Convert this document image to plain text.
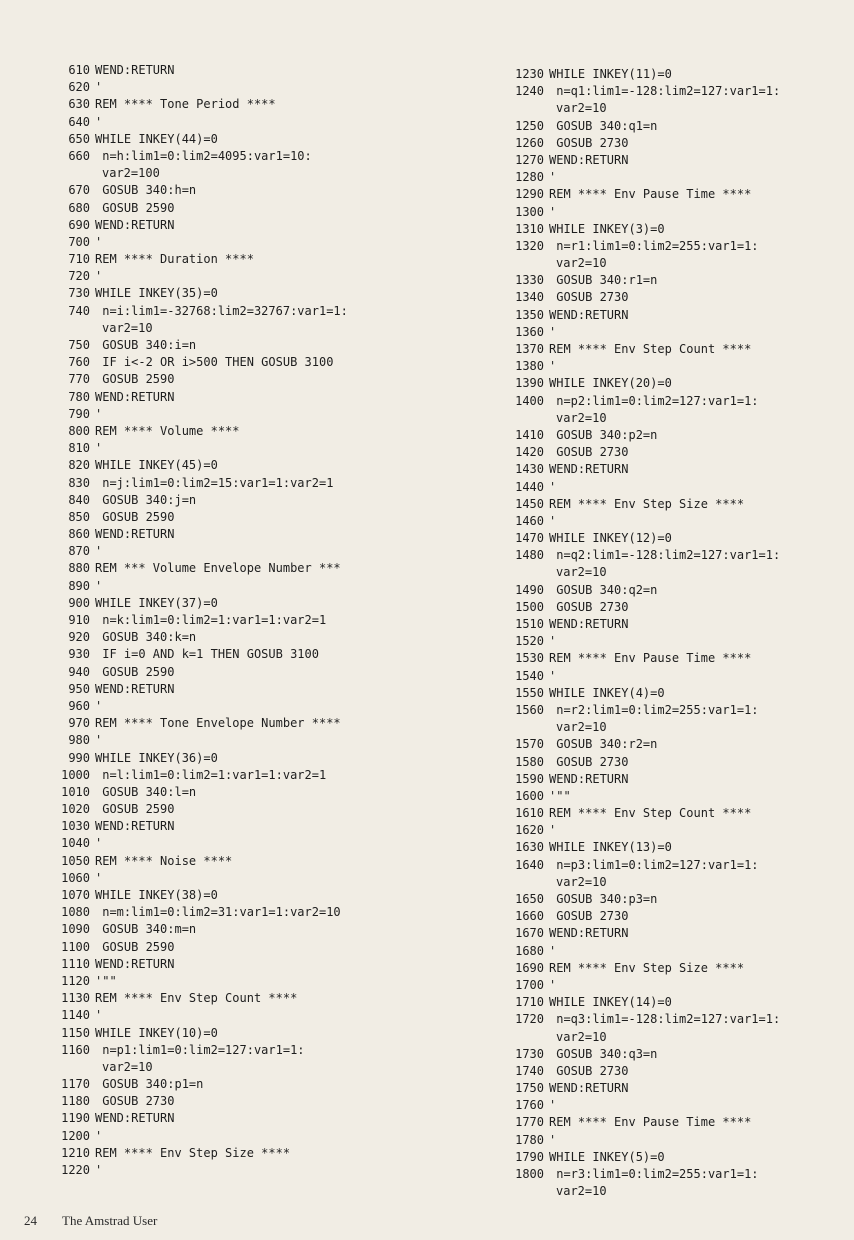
610 WEND:RETURN
620 '
630 REM **** Tone Period ****
640 '
650 WHILE INKEY(44)=0
660 n=h:lim1=0:lim2=4095:var1=10:
var2=100
670 GOSUB 340:h=n
680 GOSUB 2590
690 WEND:RETURN
700 '
710 REM **** Duration ****
720 '
730 WHILE INKEY(35)=0
740 n=i:lim1=-32768:lim2=32767:var1=1:
var2=10
750 GOSUB 340:i=n
760 IF i<-2 OR i>500 THEN GOSUB 3100
770 GOSUB 2590
780 WEND:RETURN
790 '
800 REM **** Volume ****
810 '
820 WHILE INKEY(45)=0
830 n=j:lim1=0:lim2=15:var1=1:var2=1
840 GOSUB 340:j=n
850 GOSUB 2590
860 WEND:RETURN
870 '
880 REM *** Volume Envelope Number ***
890 '
900 WHILE INKEY(37)=0
910 n=k:lim1=0:lim2=1:var1=1:var2=1
920 GOSUB 340:k=n
930 IF i=0 AND k=1 THEN GOSUB 3100
940 GOSUB 2590
950 WEND:RETURN
960 '
970 REM **** Tone Envelope Number ****
980 '
990 WHILE INKEY(36)=0
1000 n=l:lim1=0:lim2=1:var1=1:var2=1
1010 GOSUB 340:l=n
1020 GOSUB 2590
1030 WEND:RETURN
1040 '
1050 REM **** Noise ****
1060 '
1070 WHILE INKEY(38)=0
1080 n=m:lim1=0:lim2=31:var1=1:var2=10
1090 GOSUB 340:m=n
1100 GOSUB 2590
1110 WEND:RETURN
1120 '""
1130 REM **** Env Step Count ****
1140 '
1150 WHILE INKEY(10)=0
1160 n=p1:lim1=0:lim2=127:var1=1:
var2=10
1170 GOSUB 340:p1=n
1180 GOSUB 2730
1190 WEND:RETURN
1200 '
1210 REM **** Env Step Size ****
1220 '
1230 WHILE INKEY(11)=0
1240 n=q1:lim1=-128:lim2=127:var1=1:
var2=10
1250 GOSUB 340:q1=n
1260 GOSUB 2730
1270 WEND:RETURN
1280 '
1290 REM **** Env Pause Time ****
1300 '
1310 WHILE INKEY(3)=0
1320 n=r1:lim1=0:lim2=255:var1=1:
var2=10
1330 GOSUB 340:r1=n
1340 GOSUB 2730
1350 WEND:RETURN
1360 '
1370 REM **** Env Step Count ****
1380 '
1390 WHILE INKEY(20)=0
1400 n=p2:lim1=0:lim2=127:var1=1:
var2=10
1410 GOSUB 340:p2=n
1420 GOSUB 2730
1430 WEND:RETURN
1440 '
1450 REM **** Env Step Size ****
1460 '
1470 WHILE INKEY(12)=0
1480 n=q2:lim1=-128:lim2=127:var1=1:
var2=10
1490 GOSUB 340:q2=n
1500 GOSUB 2730
1510 WEND:RETURN
1520 '
1530 REM **** Env Pause Time ****
1540 '
1550 WHILE INKEY(4)=0
1560 n=r2:lim1=0:lim2=255:var1=1:
var2=10
1570 GOSUB 340:r2=n
1580 GOSUB 2730
1590 WEND:RETURN
1600 '""
1610 REM **** Env Step Count ****
1620 '
1630 WHILE INKEY(13)=0
1640 n=p3:lim1=0:lim2=127:var1=1:
var2=10
1650 GOSUB 340:p3=n
1660 GOSUB 2730
1670 WEND:RETURN
1680 '
1690 REM **** Env Step Size ****
1700 '
1710 WHILE INKEY(14)=0
1720 n=q3:lim1=-128:lim2=127:var1=1:
var2=10
1730 GOSUB 340:q3=n
1740 GOSUB 2730
1750 WEND:RETURN
1760 '
1770 REM **** Env Pause Time ****
1780 '
1790 WHILE INKEY(5)=0
1800 n=r3:lim1=0:lim2=255:var1=1:
var2=10
24 The Amstrad User
